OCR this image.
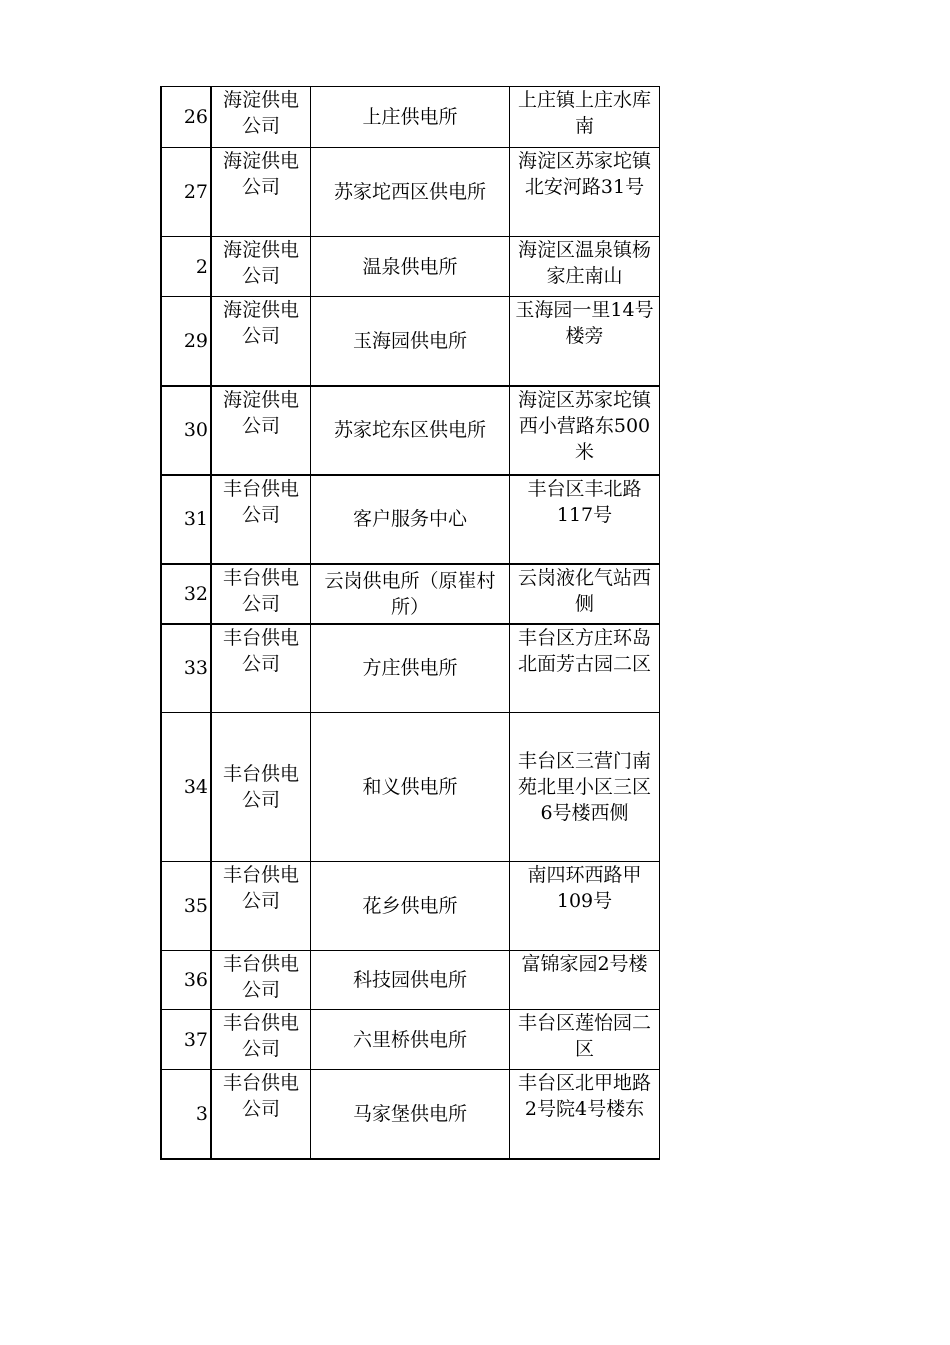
26	海淀供电公司	上庄供电所	上庄镇上庄水库南
27	海淀供电公司	苏家坨西区供电所	海淀区苏家坨镇北安河路31号
2	海淀供电公司	温泉供电所	海淀区温泉镇杨家庄南山
29	海淀供电公司	玉海园供电所	玉海园一里14号楼旁
30	海淀供电公司	苏家坨东区供电所	海淀区苏家坨镇西小营路东500米
31	丰台供电公司	客户服务中心	丰台区丰北路117号
32	丰台供电公司	云岗供电所（原崔村所）	云岗液化气站西侧
33	丰台供电公司	方庄供电所	丰台区方庄环岛北面芳古园二区
34	丰台供电公司	和义供电所	丰台区三营门南苑北里小区三区6号楼西侧
35	丰台供电公司	花乡供电所	南四环西路甲109号
36	丰台供电公司	科技园供电所	富锦家园2号楼
37	丰台供电公司	六里桥供电所	丰台区莲怡园二区
3	丰台供电公司	马家堡供电所	丰台区北甲地路2号院4号楼东
